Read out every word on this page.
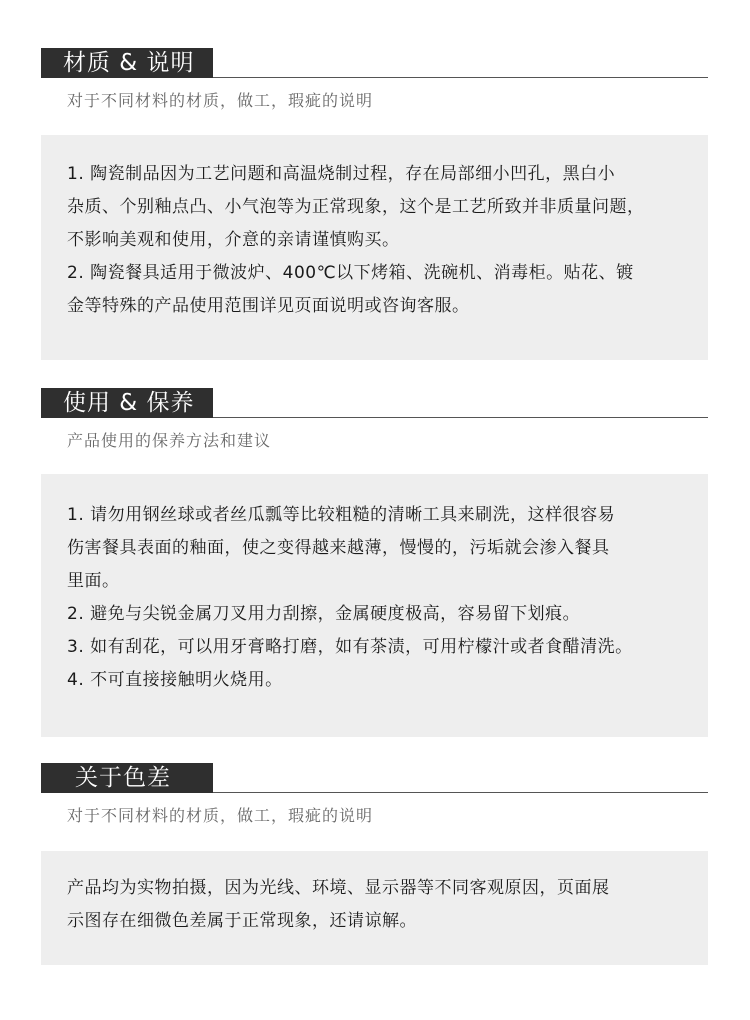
材质 & 说明
对于不同材料的材质，做工，瑕疵的说明

1. 陶瓷制品因为工艺问题和高温烧制过程，存在局部细小凹孔，黑白小

杂质、个别釉点凸、小气泡等为正常现象，这个是工艺所致并非质量问题，

不影响美观和使用，介意的亲请谨慎购买。

2. 陶瓷餐具适用于微波炉、400℃以下烤箱、洗碗机、消毒柜。贴花、镀

金等特殊的产品使用范围详见页面说明或咨询客服。

使用 & 保养
产品使用的保养方法和建议

1. 请勿用钢丝球或者丝瓜瓢等比较粗糙的清晰工具来刷洗，这样很容易

伤害餐具表面的釉面，使之变得越来越薄，慢慢的，污垢就会渗入餐具

里面。

2. 避免与尖锐金属刀叉用力刮擦，金属硬度极高，容易留下划痕。

3. 如有刮花，可以用牙膏略打磨，如有茶渍，可用柠檬汁或者食醋清洗。

4. 不可直接接触明火烧用。

关于色差
对于不同材料的材质，做工，瑕疵的说明

产品均为实物拍摄，因为光线、环境、显示器等不同客观原因，页面展

示图存在细微色差属于正常现象，还请谅解。
